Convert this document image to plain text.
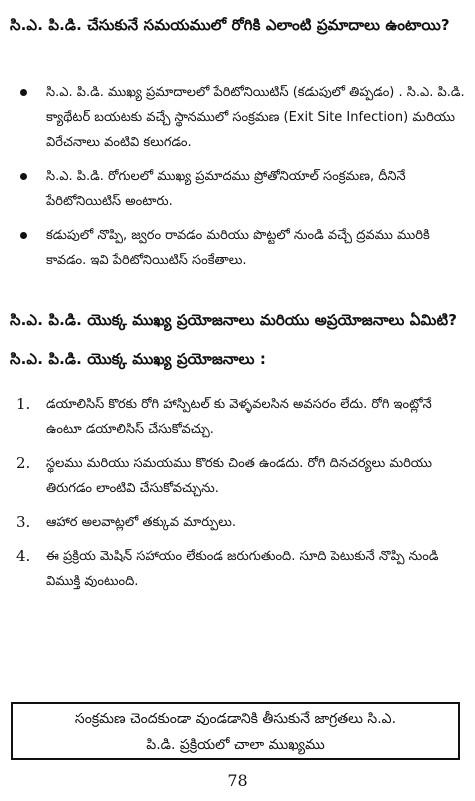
సి.ఎ. పి.డి. చేసుకునే సమయములో రోగికి ఎలాంటి ప్రమాదాలు ఉంటాయి?
సి.ఎ. పి.డి. ముఖ్య ప్రమాదాలలో పేరిటోనియిటిస్ (కడుపులో తిప్పడం) . సి.ఎ. పి.డి. క్యాథేటర్ బయటకు వచ్చే స్థానములో సంక్రమణ (Exit Site Infection) మరియు విరేచనాలు వంటివి కలుగడం.
సి.ఎ. పి.డి. రోగులలో ముఖ్య ప్రమాదము ప్రోతోనియాల్ సంక్రమణ, దీనినే పేరిటోనియిటిస్ అంటారు.
కడుపులో నొప్పి, జ్వరం రావడం మరియు పొట్టలో నుండి వచ్చే ద్రవము మురికి కావడం. ఇవి పేరిటోనియిటిస్ సంకేతాలు.
సి.ఎ. పి.డి. యొక్క ముఖ్య ప్రయోజనాలు మరియు అప్రయోజనాలు ఏమిటి?
సి.ఎ. పి.డి. యొక్క ముఖ్య ప్రయోజనాలు :
1. డయాలిసిస్ కొరకు రోగి హాస్పిటల్ కు వెళ్ళవలసిన అవసరం లేదు. రోగి ఇంట్లోనే ఉంటూ డయాలిసిస్ చేసుకోవచ్చు.
2. స్థలము మరియు సమయము కొరకు చింత ఉండదు. రోగి దినచర్యలు మరియు తిరుగడం లాంటివి చేసుకోవచ్చును.
3. ఆహార అలవాట్లలో తక్కువ మార్పులు.
4. ఈ ప్రక్రియ మెషిన్ సహాయం లేకుండ జరుగుతుంది. సూది పెటుకునే నొప్పి నుండి విముక్తి వుంటుంది.
సంక్రమణ చెందకుండా వుండడానికి తీసుకునే జాగ్రతలు సి.ఎ.
పి.డి. ప్రక్రియలో చాలా ముఖ్యము
78
